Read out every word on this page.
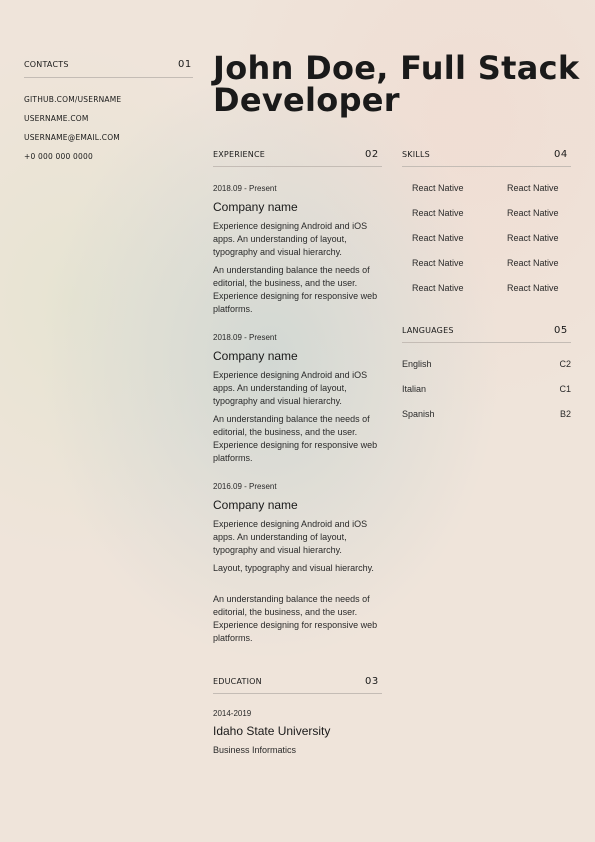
CONTACTS	01
GITHUB.COM/USERNAME
USERNAME.COM
USERNAME@EMAIL.COM
+0 000 000 0000
John Doe, Full Stack Developer
EXPERIENCE	02
2018.09 - Present
Company name

Experience designing Android and iOS apps. An understanding of layout, typography and visual hierarchy.

An understanding balance the needs of editorial, the business, and the user. Experience designing for responsive web platforms.

2018.09 - Present
Company name

Experience designing Android and iOS apps. An understanding of layout, typography and visual hierarchy.

An understanding balance the needs of editorial, the business, and the user. Experience designing for responsive web platforms.

2016.09 - Present
Company name

Experience designing Android and iOS apps. An understanding of layout, typography and visual hierarchy.

Layout, typography and visual hierarchy.

An understanding balance the needs of editorial, the business, and the user. Experience designing for responsive web platforms.

EDUCATION	03
2014-2019
Idaho State University
Business Informatics
SKILLS	04
React Native	React Native
React Native	React Native
React Native	React Native
React Native	React Native
React Native	React Native
LANGUAGES	05
English	C2
Italian	C1
Spanish	B2
